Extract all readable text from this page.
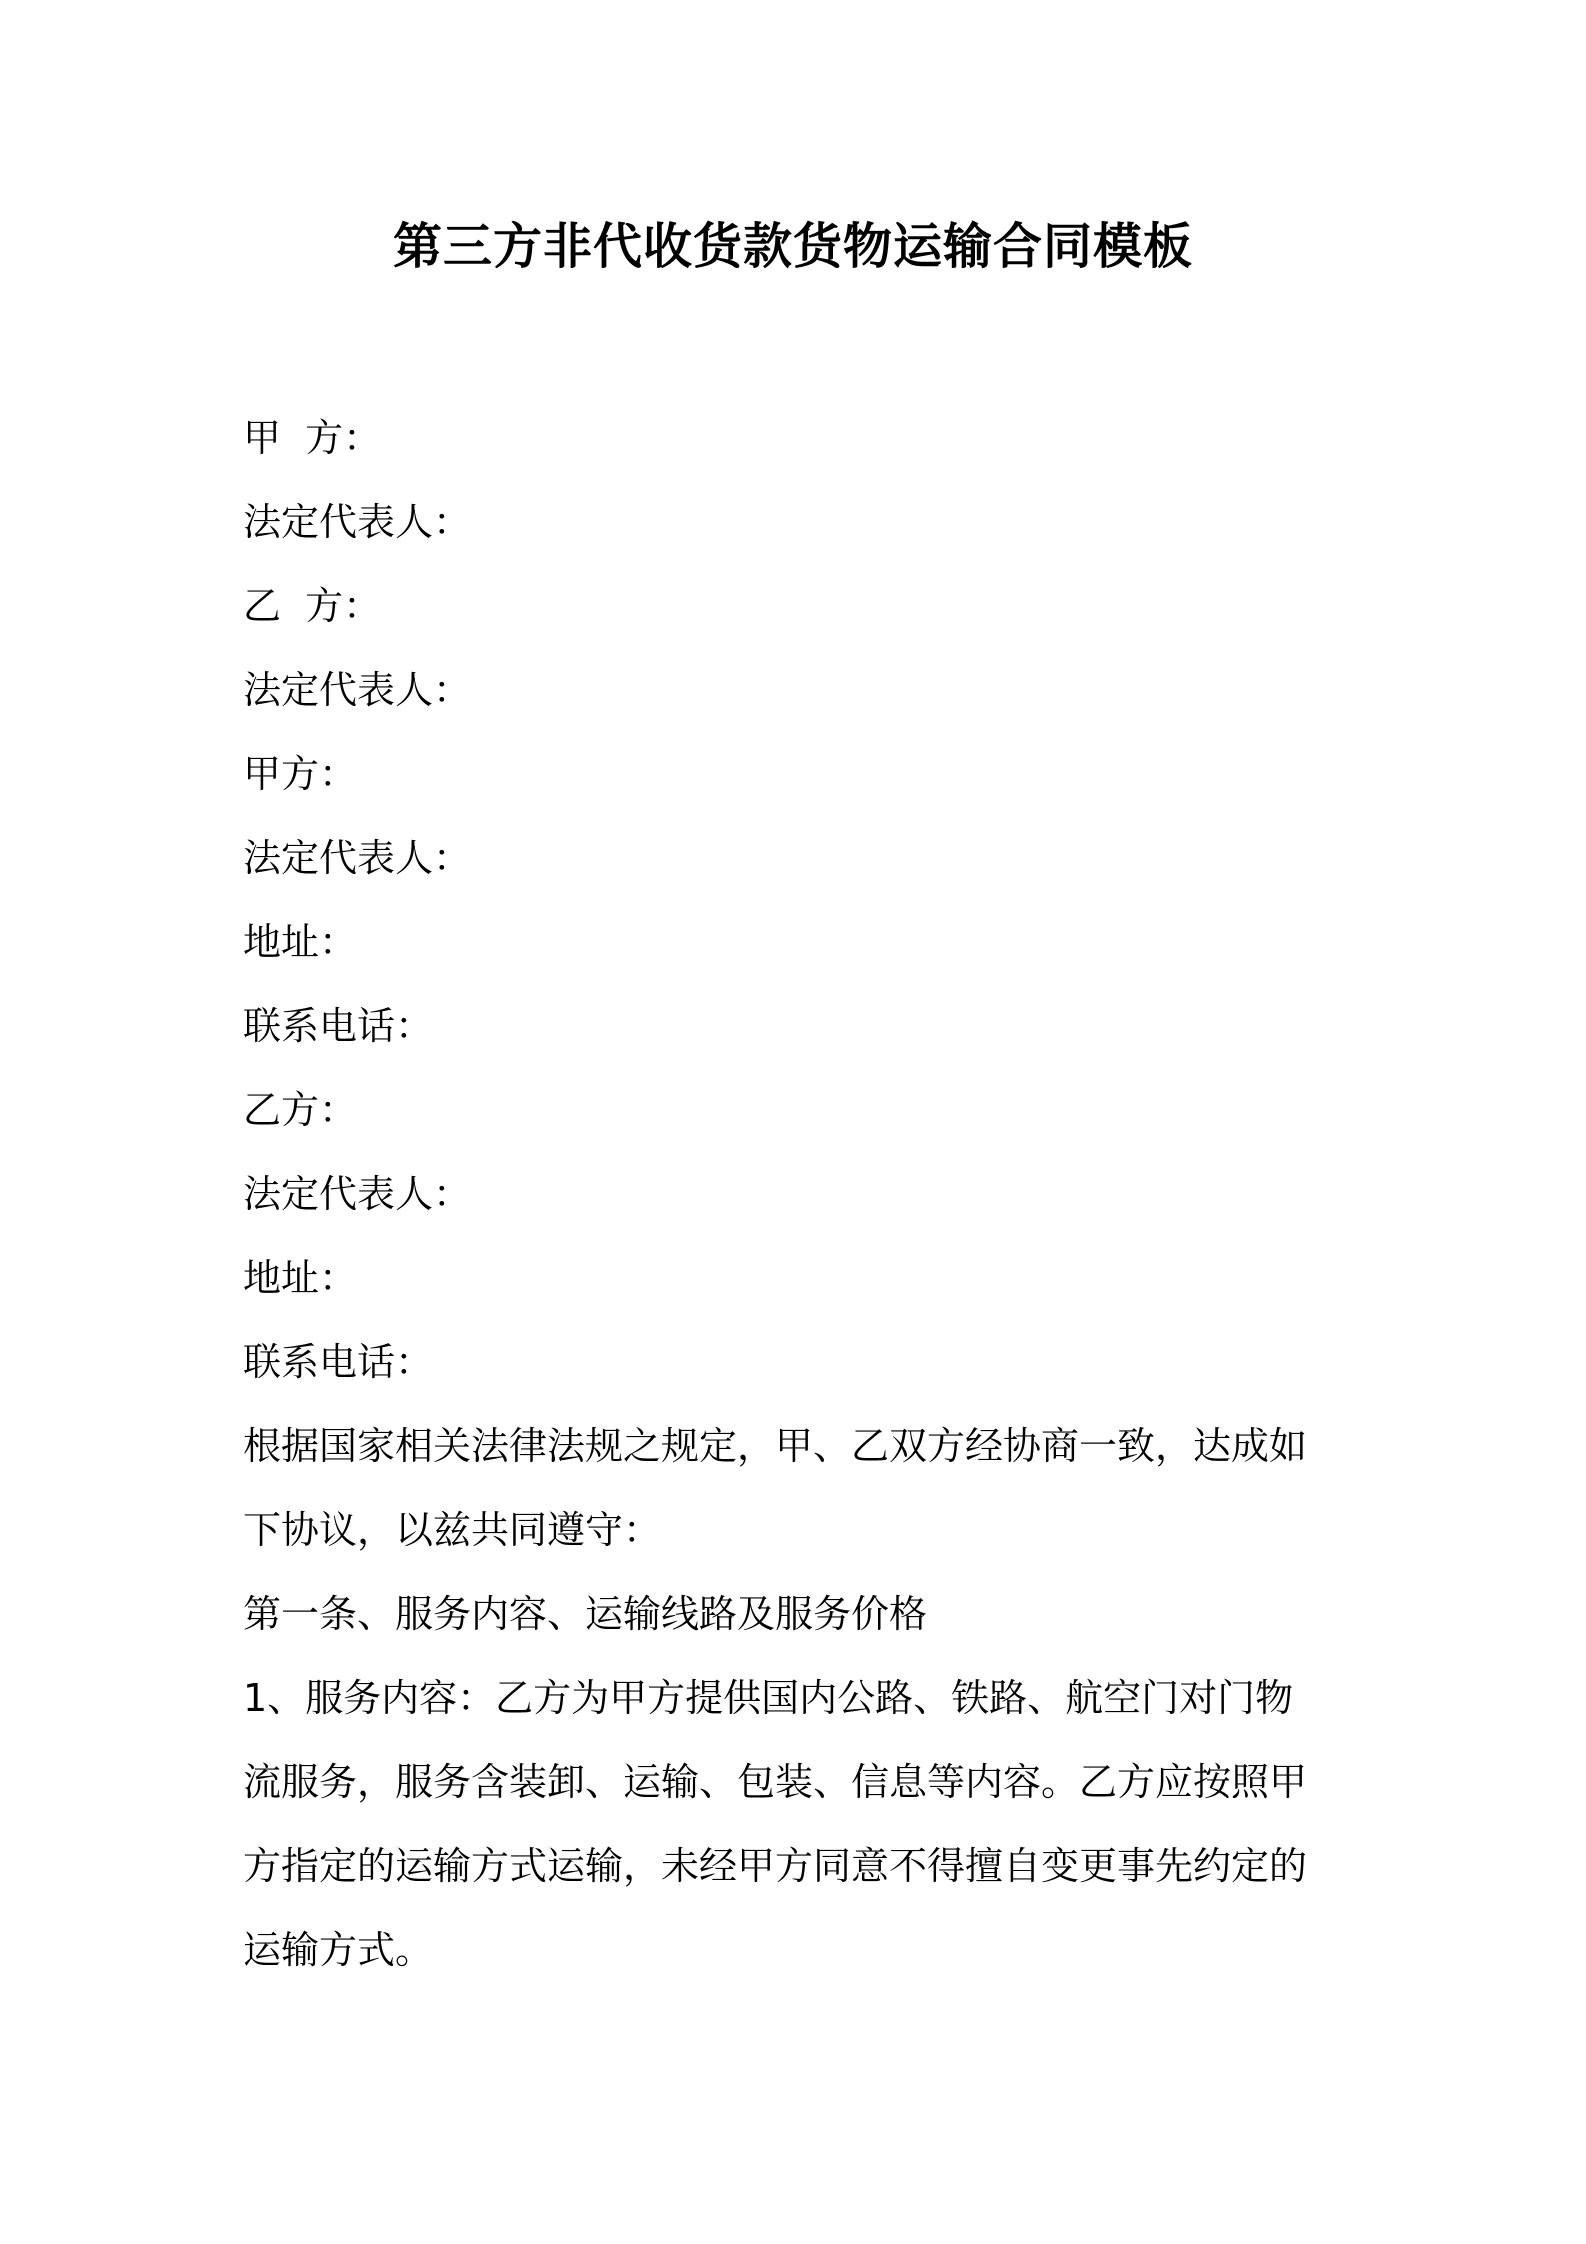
第三方非代收货款货物运输合同模板
甲  方：
法定代表人：
乙  方：
法定代表人：
甲方：
法定代表人：
地址：
联系电话：
乙方：
法定代表人：
地址：
联系电话：
根据国家相关法律法规之规定，甲、乙双方经协商一致，达成如
下协议，以兹共同遵守：
第一条、服务内容、运输线路及服务价格
1、服务内容：乙方为甲方提供国内公路、铁路、航空门对门物
流服务，服务含装卸、运输、包装、信息等内容。乙方应按照甲
方指定的运输方式运输，未经甲方同意不得擅自变更事先约定的
运输方式。
